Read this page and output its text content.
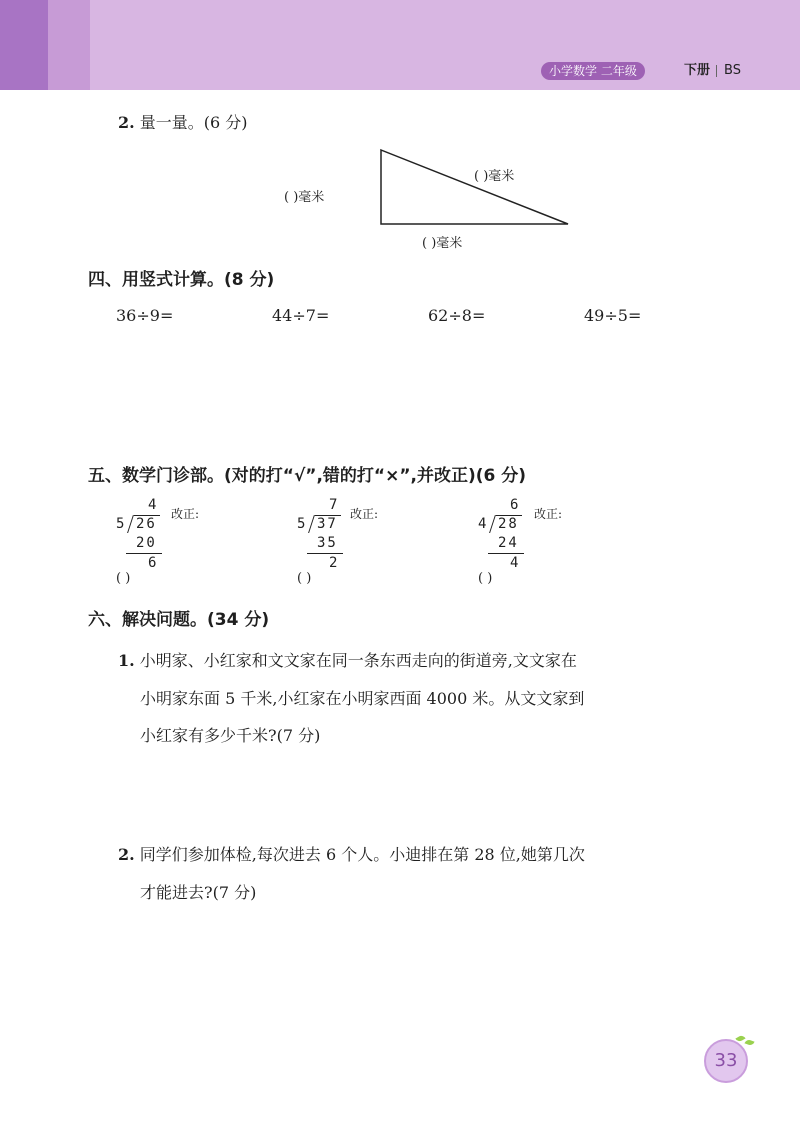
小学数学 二年级	下册 BS
2. 量一量。(6 分)
( )毫米
( )毫米
( )毫米
四、用竖式计算。(8 分)
36÷9=	44÷7=	62÷8=	49÷5=
五、数学门诊部。(对的打“√”,错的打“×”,并改正)(6 分)
4
5 26
20
6
( )
改正:
7
5 37
35
2
( )
改正:
6
4 28
24
4
( )
改正:
六、解决问题。(34 分)
1. 小明家、小红家和文文家在同一条东西走向的街道旁,文文家在
小明家东面 5 千米,小红家在小明家西面 4000 米。从文文家到
小红家有多少千米?(7 分)
2. 同学们参加体检,每次进去 6 个人。小迪排在第 28 位,她第几次
才能进去?(7 分)
33
